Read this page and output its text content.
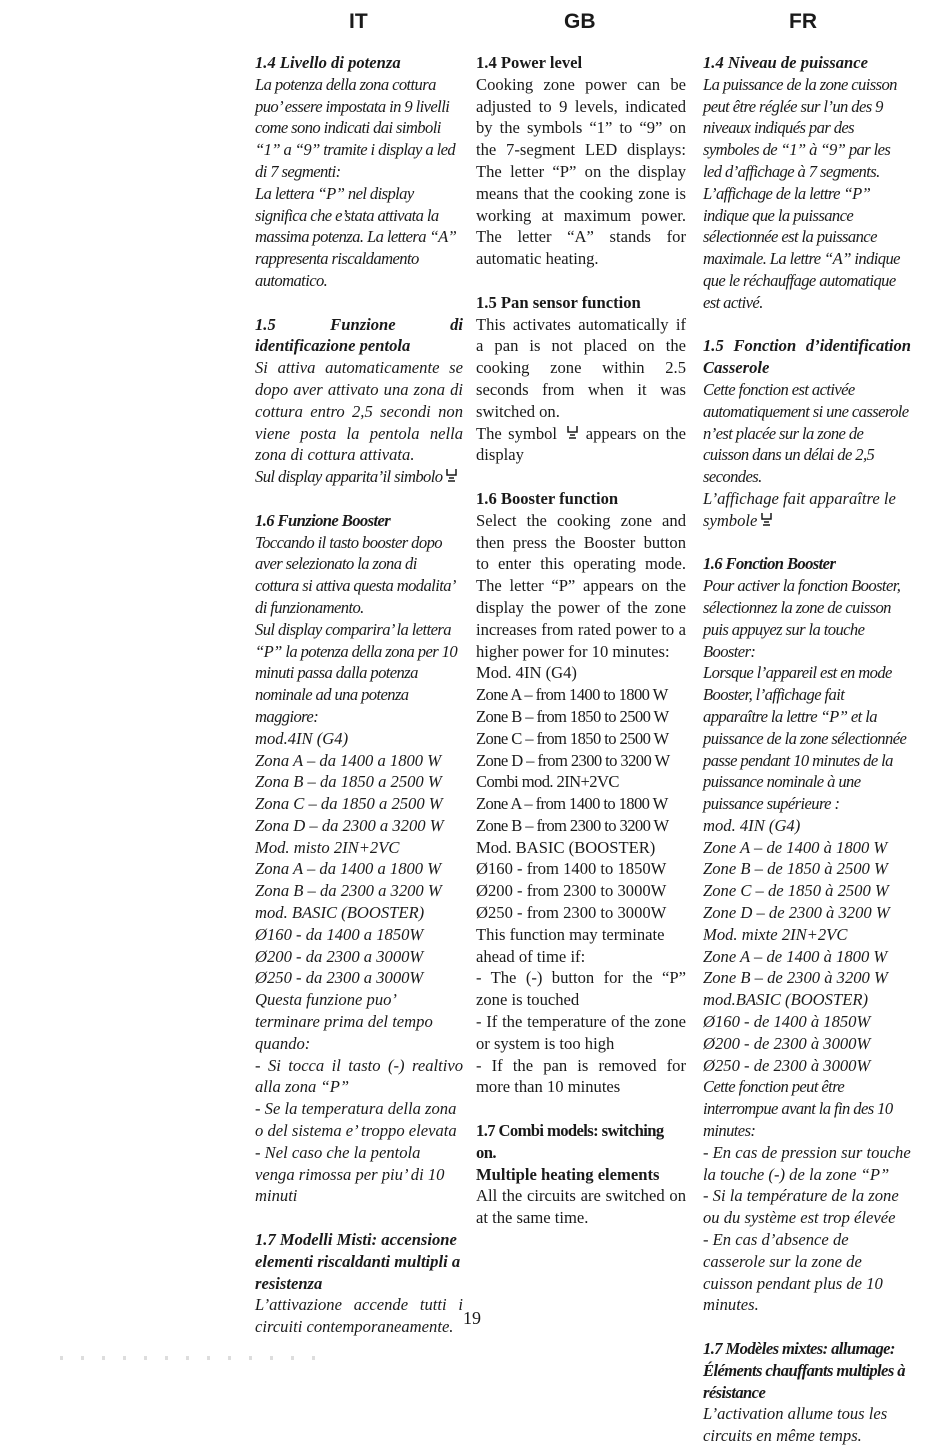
IT	GB	FR

1.4 Livello di potenza

La potenza della zona cottura puo’ essere impostata in 9 livelli come sono indicati dai simboli “1” a “9” tramite i display a led di 7 segmenti:

La lettera “P” nel display significa che e’stata attivata la massima potenza. La lettera “A” rappresenta riscaldamento automatico.

1.5 Funzione di identificazione pentola

Si attiva automaticamente se dopo aver attivato una zona di cottura entro 2,5 secondi non viene posta la pentola nella zona di cottura attivata.

Sul display apparita’il simbolo

1.6 Funzione Booster

Toccando il tasto booster dopo aver selezionato la zona di cottura si attiva questa modalita’ di funzionamento.

Sul display comparira’ la lettera “P” la potenza della zona per 10 minuti passa dalla potenza nominale ad una potenza maggiore:

mod.4IN (G4)

Zona A – da 1400 a 1800 W

Zona B – da 1850 a 2500 W

Zona C – da 1850 a 2500 W

Zona D – da 2300 a 3200 W

Mod. misto 2IN+2VC

Zona A – da 1400 a 1800 W

Zona B – da 2300 a 3200 W

mod. BASIC (BOOSTER)

Ø160 - da 1400 a 1850W

Ø200 - da 2300 a 3000W

Ø250 - da 2300 a 3000W

Questa funzione puo’ terminare prima del tempo quando:

- Si tocca il tasto (-) realtivo alla zona “P”

- Se la temperatura della zona o del sistema e’ troppo elevata

- Nel caso che la pentola venga rimossa per piu’ di 10 minuti

1.7 Modelli Misti: accensione elementi riscaldanti multipli a resistenza

L’attivazione accende tutti i circuiti contemporaneamente.

1.4 Power level

Cooking zone power can be adjusted to 9 levels, indicated by the symbols “1” to “9” on the 7-segment LED displays: The letter “P” on the display means that the cooking zone is working at maximum power. The letter “A” stands for automatic heating.

1.5 Pan sensor function

This activates automatically if a pan is not placed on the cooking zone within 2.5 seconds from when it was switched on.

The symbol appears on the display

1.6 Booster function

Select the cooking zone and then press the Booster button to enter this operating mode. The letter “P” appears on the display the power of the zone increases from rated power to a higher power for 10 minutes:

Mod. 4IN (G4)

Zone A – from 1400 to 1800 W

Zone B – from 1850 to 2500 W

Zone C – from 1850 to 2500 W

Zone D – from 2300 to 3200 W

Combi mod. 2IN+2VC

Zone A – from 1400 to 1800 W

Zone B – from 2300 to 3200 W

Mod. BASIC (BOOSTER)

Ø160 - from 1400 to 1850W

Ø200 - from 2300 to 3000W

Ø250 - from 2300 to 3000W

This function may terminate ahead of time if:

- The (-) button for the “P” zone is touched

- If the temperature of the zone or system is too high

- If the pan is removed for more than 10 minutes

1.7 Combi models: switching on.

Multiple heating elements

All the circuits are switched on at the same time.

1.4 Niveau de puissance

La puissance de la zone cuisson peut être réglée sur l’un des 9 niveaux indiqués par des symboles de “1” à “9” par les led d’affichage à 7 segments.

L’affichage de la lettre “P” indique que la puissance sélectionnée est la puissance maximale. La lettre “A” indique que le réchauffage automatique est activé.

1.5 Fonction d’identification Casserole

Cette fonction est activée automatiquement si une casserole n’est placée sur la zone de cuisson dans un délai de 2,5 secondes.

L’affichage fait apparaître le symbole

1.6 Fonction Booster

Pour activer la fonction Booster, sélectionnez la zone de cuisson puis appuyez sur la touche Booster:

Lorsque l’appareil est en mode Booster, l’affichage fait apparaître la lettre “P” et la puissance de la zone sélectionnée passe pendant 10 minutes de la puissance nominale à une puissance supérieure :

mod. 4IN (G4)

Zone A – de 1400 à 1800 W

Zone B – de 1850 à 2500 W

Zone C – de 1850 à 2500 W

Zone D – de 2300 à 3200 W

Mod. mixte 2IN+2VC

Zone A – de 1400 à 1800 W

Zone B – de 2300 à 3200 W

mod.BASIC (BOOSTER)

Ø160 - de 1400 à 1850W

Ø200 - de 2300 à 3000W

Ø250 - de 2300 à 3000W

Cette fonction peut être interrompue avant la fin des 10 minutes:

- En cas de pression sur touche la touche (-) de la zone “P”

- Si la température de la zone ou du système est trop élevée

- En cas d’absence de casserole sur la zone de cuisson pendant plus de 10 minutes.

1.7 Modèles mixtes: allumage: Éléments chauffants multiples à résistance

L’activation allume tous les circuits en même temps.

19
